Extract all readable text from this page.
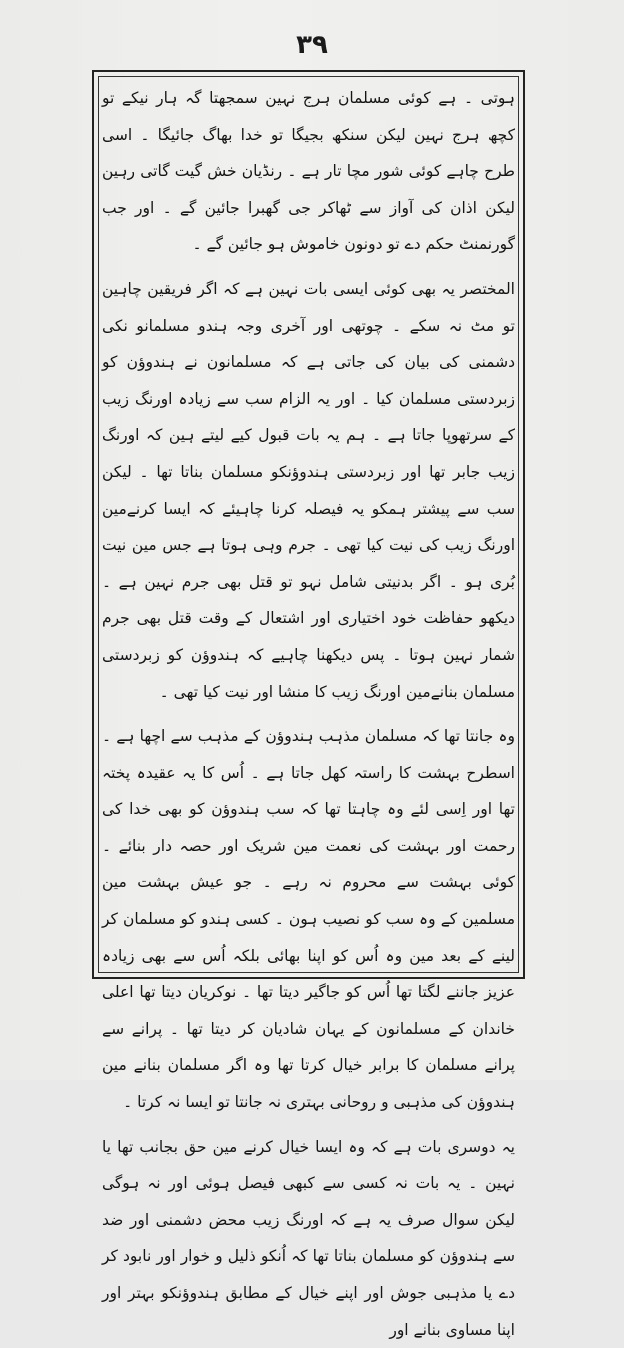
۳۹

ہوتی ۔ ہے کوئی مسلمان ہرج نہین سمجھتا گہ ہار نیکے تو کچھ ہرج نہین لیکن سنکھ بجیگا تو خدا بھاگ جائیگا ۔ اسی طرح چاہے کوئی شور مچا تار ہے ۔ رنڈیان خش گیت گاتی رہین لیکن اذان کی آواز سے ٹھاکر جی گھبرا جائین گے ۔ اور جب گورنمنٹ حکم دے تو دونون خاموش ہو جائین گے ۔

المختصر یہ بھی کوئی ایسی بات نہین ہے کہ اگر فریقین چاہین تو مٹ نہ سکے ۔ چوتھی اور آخری وجہ ہندو مسلمانو نکی دشمنی کی بیان کی جاتی ہے کہ مسلمانون نے ہندوؤن کو زبردستی مسلمان کیا ۔ اور یہ الزام سب سے زیادہ اورنگ زیب کے سرتھوپا جاتا ہے ۔ ہم یہ بات قبول کیے لیتے ہین کہ اورنگ زیب جابر تھا اور زبردستی ہندوؤنکو مسلمان بناتا تھا ۔ لیکن سب سے پیشتر ہمکو یہ فیصلہ کرنا چاہیئے کہ ایسا کرنےمین اورنگ زیب کی نیت کیا تھی ۔ جرم وہی ہوتا ہے جس مین نیت بُری ہو ۔ اگر بدنیتی شامل نہو تو قتل بھی جرم نہین ہے ۔ دیکھو حفاظت خود اختیاری اور اشتعال کے وقت قتل بھی جرم شمار نہین ہوتا ۔ پس دیکھنا چاہیے کہ ہندوؤن کو زبردستی مسلمان بنانےمین اورنگ زیب کا منشا اور نیت کیا تھی ۔

وہ جانتا تھا کہ مسلمان مذہب ہندوؤن کے مذہب سے اچھا ہے ۔ اسطرح بہشت کا راستہ کھل جاتا ہے ۔ اُس کا یہ عقیدہ پختہ تھا اور اِسی لئے وہ چاہتا تھا کہ سب ہندوؤن کو بھی خدا کی رحمت اور بہشت کی نعمت مین شریک اور حصہ دار بنائے ۔ کوئی بہشت سے محروم نہ رہے ۔ جو عیش بہشت مین مسلمین کے وہ سب کو نصیب ہون ۔ کسی ہندو کو مسلمان کر لینے کے بعد مین وہ اُس کو اپنا بھائی بلکہ اُس سے بھی زیادہ عزیز جاننے لگتا تھا اُس کو جاگیر دیتا تھا ۔ نوکریان دیتا تھا اعلی خاندان کے مسلمانون کے یہان شادیان کر دیتا تھا ۔ پرانے سے پرانے مسلمان کا برابر خیال کرتا تھا وہ اگر مسلمان بنانے مین ہندوؤن کی مذہبی و روحانی بہتری نہ جانتا تو ایسا نہ کرتا ۔

یہ دوسری بات ہے کہ وہ ایسا خیال کرنے مین حق بجانب تھا یا نہین ۔ یہ بات نہ کسی سے کبھی فیصل ہوئی اور نہ ہوگی لیکن سوال صرف یہ ہے کہ اورنگ زیب محض دشمنی اور ضد سے ہندوؤن کو مسلمان بناتا تھا کہ اُنکو ذلیل و خوار اور نابود کر دے یا مذہبی جوش اور اپنے خیال کے مطابق ہندوؤنکو بہتر اور اپنا مساوی بنانے اور
